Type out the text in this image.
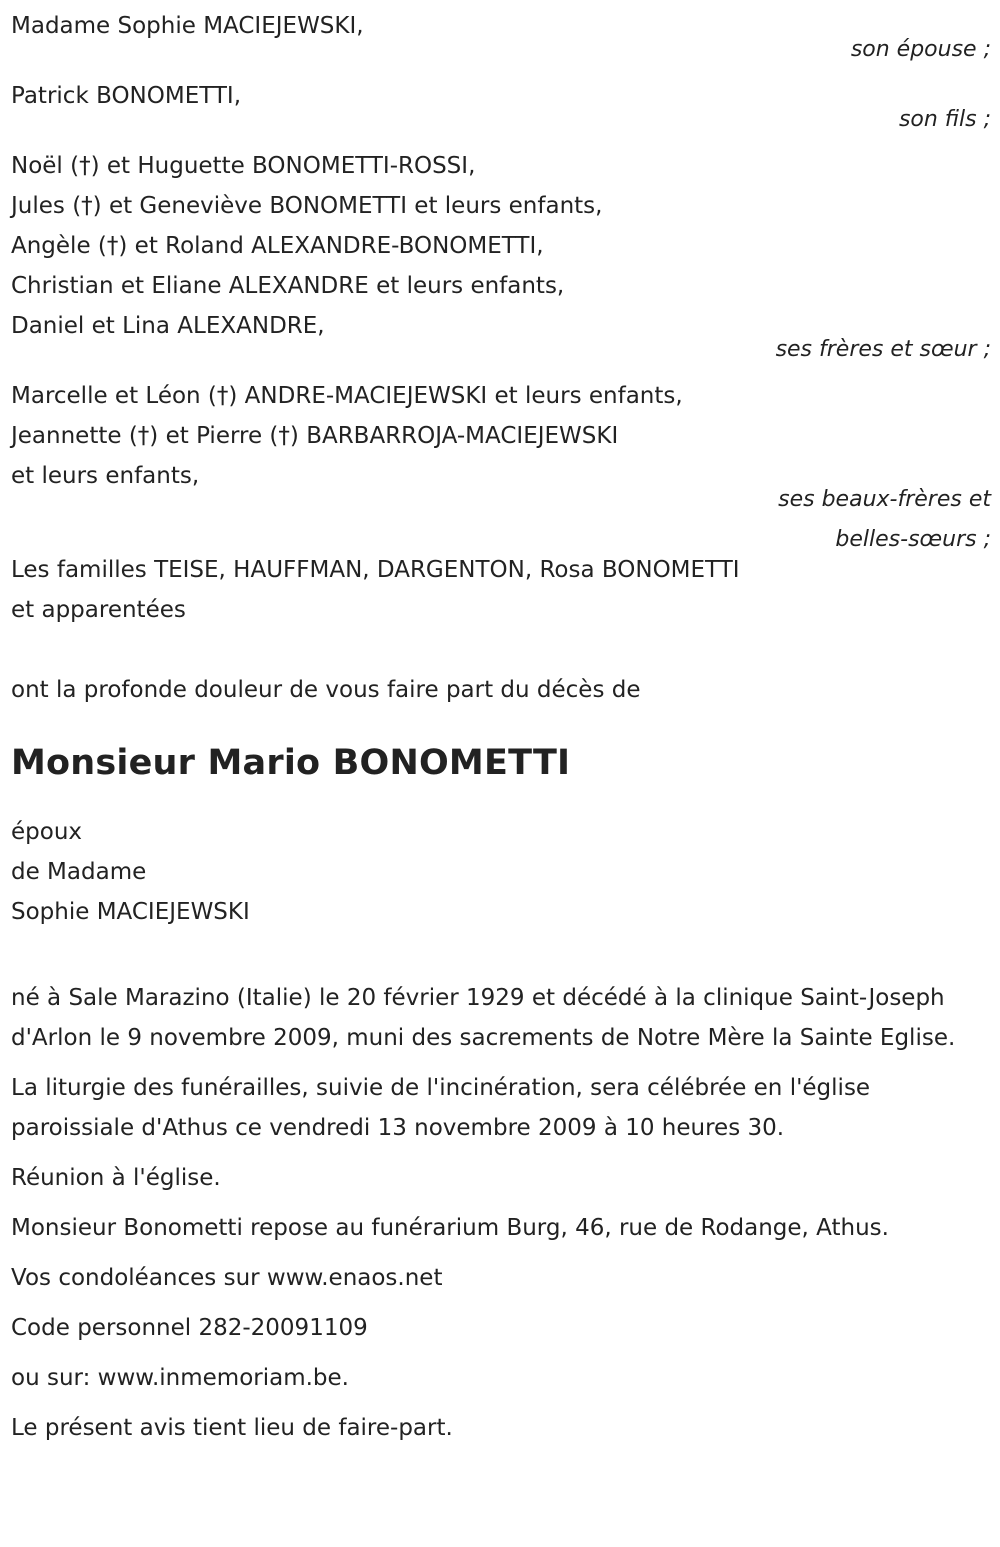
Madame Sophie MACIEJEWSKI,

son épouse ;

Patrick BONOMETTI,

son fils ;

Noël (†) et Huguette BONOMETTI-ROSSI,

Jules (†) et Geneviève BONOMETTI et leurs enfants,

Angèle (†) et Roland ALEXANDRE-BONOMETTI,

Christian et Eliane ALEXANDRE et leurs enfants,

Daniel et Lina ALEXANDRE,

ses frères et sœur ;

Marcelle et Léon (†) ANDRE-MACIEJEWSKI et leurs enfants,

Jeannette (†) et Pierre (†) BARBARROJA-MACIEJEWSKI

et leurs enfants,

ses beaux-frères et

belles-sœurs ;

Les familles TEISE, HAUFFMAN, DARGENTON, Rosa BONOMETTI

et apparentées

ont la profonde douleur de vous faire part du décès de

Monsieur Mario BONOMETTI

époux

de Madame

Sophie MACIEJEWSKI

né à Sale Marazino (Italie) le 20 février 1929 et décédé à la clinique Saint-Joseph d'Arlon le 9 novembre 2009, muni des sacrements de Notre Mère la Sainte Eglise.

La liturgie des funérailles, suivie de l'incinération, sera célébrée en l'église paroissiale d'Athus ce vendredi 13 novembre 2009 à 10 heures 30.

Réunion à l'église.

Monsieur Bonometti repose au funérarium Burg, 46, rue de Rodange, Athus.

Vos condoléances sur www.enaos.net

Code personnel 282-20091109

ou sur: www.inmemoriam.be.

Le présent avis tient lieu de faire-part.
